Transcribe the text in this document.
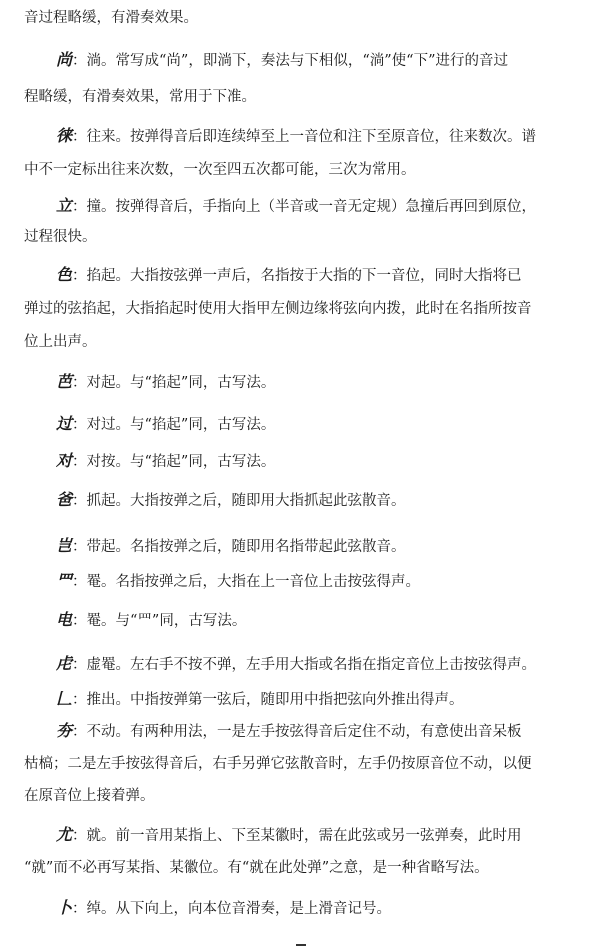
音过程略缓，有滑奏效果。
尚：淌。常写成“尚”，即淌下，奏法与下相似，“淌”使“下”进行的音过
程略缓，有滑奏效果，常用于下准。
徕：往来。按弹得音后即连续绰至上一音位和注下至原音位，往来数次。谱
中不一定标出往来次数，一次至四五次都可能，三次为常用。
立：撞。按弹得音后，手指向上（半音或一音无定规）急撞后再回到原位，
过程很快。
色：掐起。大指按弦弹一声后，名指按于大指的下一音位，同时大指将已
弹过的弦掐起，大指掐起时使用大指甲左侧边缘将弦向内拨，此时在名指所按音
位上出声。
芭：对起。与“掐起”同，古写法。
过：对过。与“掐起”同，古写法。
对：对按。与“掐起”同，古写法。
爸：抓起。大指按弹之后，随即用大指抓起此弦散音。
岂：带起。名指按弹之后，随即用名指带起此弦散音。
罒：罨。名指按弹之后，大指在上一音位上击按弦得声。
电：罨。与“罒”同，古写法。
虍：虚罨。左右手不按不弹，左手用大指或名指在指定音位上击按弦得声。
𠃊：推出。中指按弹第一弦后，随即用中指把弦向外推出得声。
夯：不动。有两种用法，一是左手按弦得音后定住不动，有意使出音呆板
枯槁；二是左手按弦得音后，右手另弹它弦散音时，左手仍按原音位不动，以便
在原音位上接着弹。
尤：就。前一音用某指上、下至某徽时，需在此弦或另一弦弹奏，此时用
“就”而不必再写某指、某徽位。有“就在此处弹”之意，是一种省略写法。
卜：绰。从下向上，向本位音滑奏，是上滑音记号。
